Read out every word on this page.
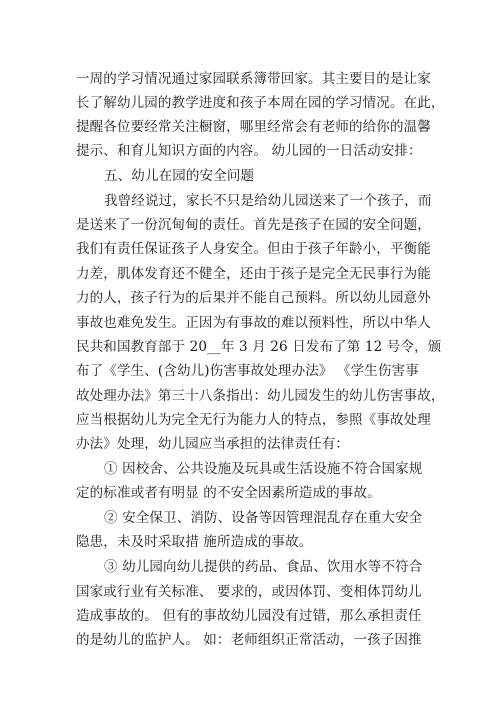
一周的学习情况通过家园联系簿带回家。其主要目的是让家
长了解幼儿园的教学进度和孩子本周在园的学习情况。在此，
提醒各位要经常关注橱窗，哪里经常会有老师的给你的温馨
提示、和育儿知识方面的内容。 幼儿园的一日活动安排：
五、幼儿在园的安全问题
我曾经说过，家长不只是给幼儿园送来了一个孩子，而
是送来了一份沉甸甸的责任。首先是孩子在园的安全问题，
我们有责任保证孩子人身安全。但由于孩子年龄小，平衡能
力差，肌体发育还不健全，还由于孩子是完全无民事行为能
力的人，孩子行为的后果并不能自己预料。所以幼儿园意外
事故也难免发生。正因为有事故的难以预料性，所以中华人
民共和国教育部于 20__年 3 月 26 日发布了第 12 号令，颁
布了《学生、(含幼儿)伤害事故处理办法》 《学生伤害事
故处理办法》第三十八条指出：幼儿园发生的幼儿伤害事故，
应当根据幼儿为完全无行为能力人的特点，参照《事故处理
办法》处理，幼儿园应当承担的法律责任有：
① 因校舍、公共设施及玩具或生活设施不符合国家规
定的标准或者有明显 的不安全因素所造成的事故。
② 安全保卫、消防、设备等因管理混乱存在重大安全
隐患，未及时采取措 施所造成的事故。
③ 幼儿园向幼儿提供的药品、食品、饮用水等不符合
国家或行业有关标准、 要求的，或因体罚、变相体罚幼儿
造成事故的。 但有的事故幼儿园没有过错，那么承担责任
的是幼儿的监护人。 如：老师组织正常活动，一孩子因推
